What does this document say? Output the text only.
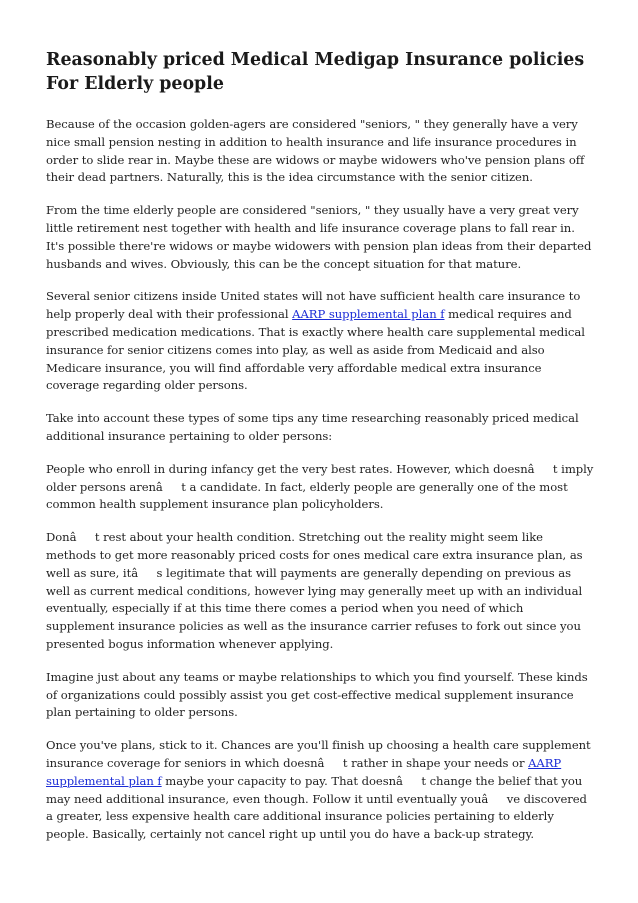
Reasonably priced Medical Medigap Insurance policies For Elderly people

Because of the occasion golden-agers are considered "seniors, " they generally have a very nice small pension nesting in addition to health insurance and life insurance procedures in order to slide rear in. Maybe these are widows or maybe widowers who've pension plans off their dead partners. Naturally, this is the idea circumstance with the senior citizen.

From the time elderly people are considered "seniors, " they usually have a very great very little retirement nest together with health and life insurance coverage plans to fall rear in. It's possible there're widows or maybe widowers with pension plan ideas from their departed husbands and wives. Obviously, this can be the concept situation for that mature.

Several senior citizens inside United states will not have sufficient health care insurance to help properly deal with their professional AARP supplemental plan f medical requires and prescribed medication medications. That is exactly where health care supplemental medical insurance for senior citizens comes into play, as well as aside from Medicaid and also Medicare insurance, you will find affordable very affordable medical extra insurance coverage regarding older persons.

Take into account these types of some tips any time researching reasonably priced medical additional insurance pertaining to older persons:

People who enroll in during infancy get the very best rates. However, which doesnât imply older persons arenât a candidate. In fact, elderly people are generally one of the most common health supplement insurance plan policyholders.

Donât rest about your health condition. Stretching out the reality might seem like methods to get more reasonably priced costs for ones medical care extra insurance plan, as well as sure, itâs legitimate that will payments are generally depending on previous as well as current medical conditions, however lying may generally meet up with an individual eventually, especially if at this time there comes a period when you need of which supplement insurance policies as well as the insurance carrier refuses to fork out since you presented bogus information whenever applying.

Imagine just about any teams or maybe relationships to which you find yourself. These kinds of organizations could possibly assist you get cost-effective medical supplement insurance plan pertaining to older persons.

Once you've plans, stick to it. Chances are you'll finish up choosing a health care supplement insurance coverage for seniors in which doesnât rather in shape your needs or AARP supplemental plan f maybe your capacity to pay. That doesnât change the belief that you may need additional insurance, even though. Follow it until eventually youâve discovered a greater, less expensive health care additional insurance policies pertaining to elderly people. Basically, certainly not cancel right up until you do have a back-up strategy.
